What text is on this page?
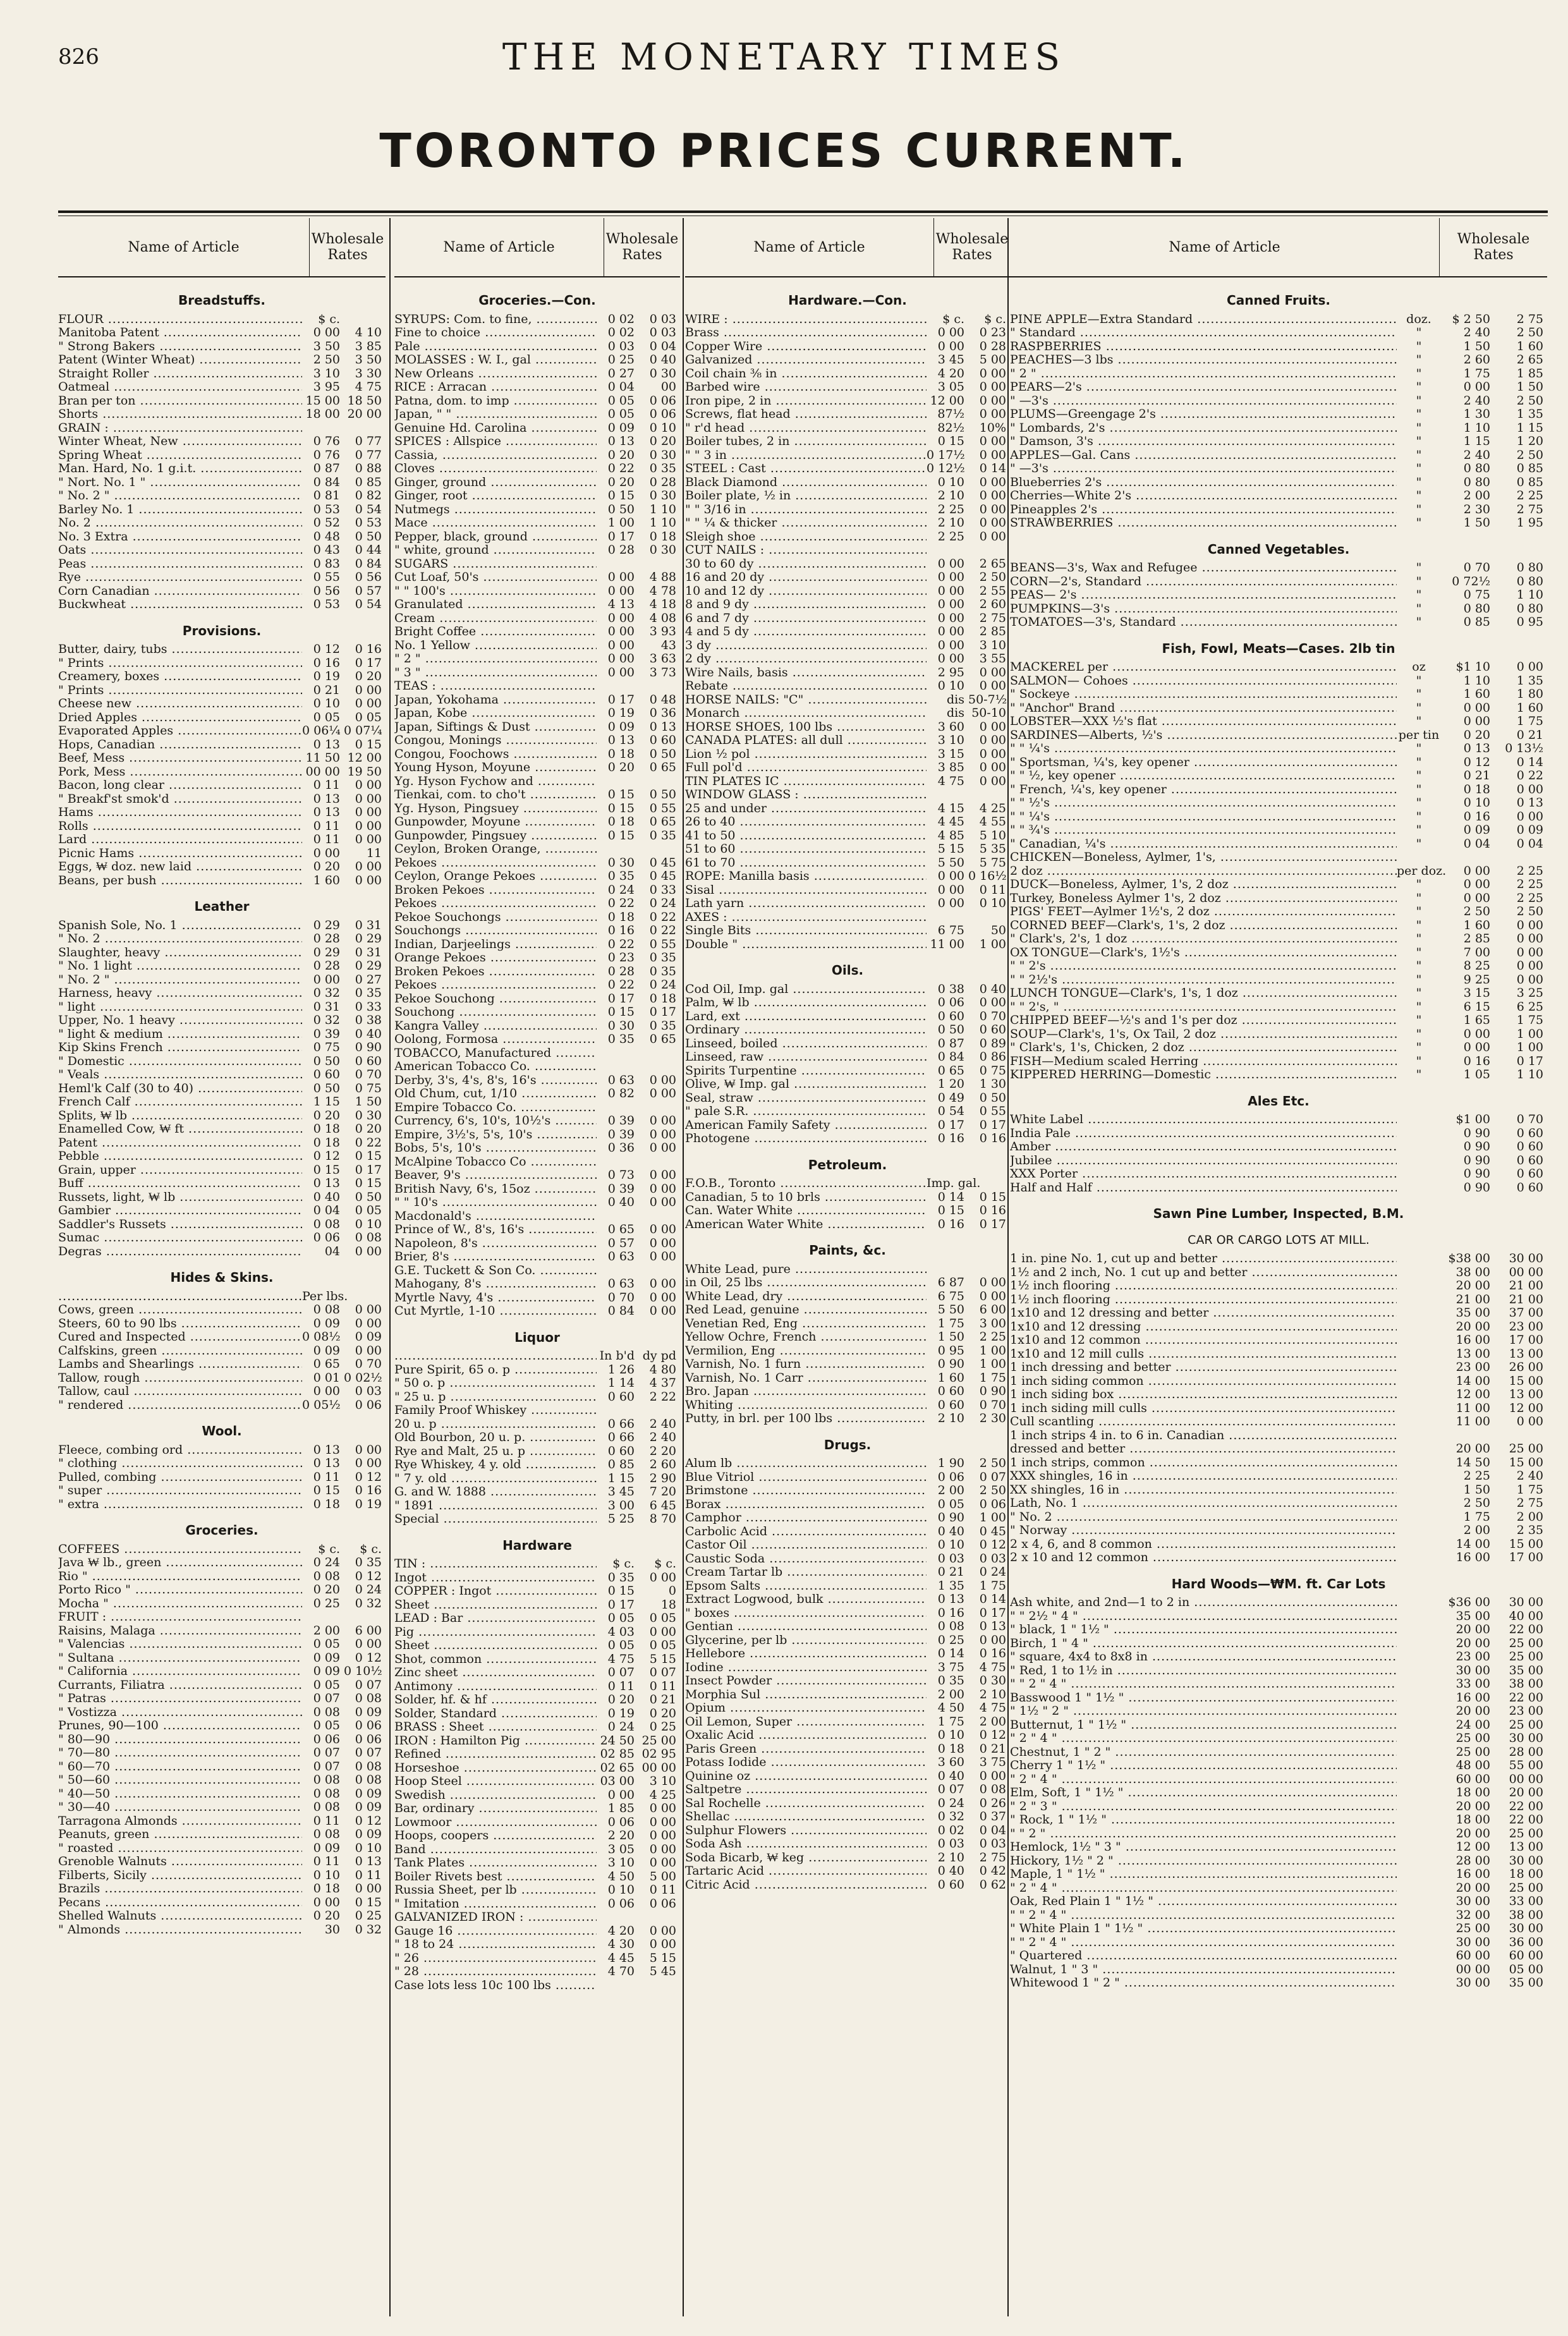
826	THE MONETARY TIMES
TORONTO PRICES CURRENT.
Name of Article
Wholesale Rates
Breadstuffs.
FLOUR .....	$ c.
Manitoba Patent .....	0 00	4 10
" Strong Bakers .....	3 50	3 85
Patent (Winter Wheat) .....	2 50	3 50
Straight Roller .....	3 10	3 30
Oatmeal .....	3 95	4 75
Bran per ton .....	15 00 18 50
Shorts .....	18 00 20 00
GRAIN : .....
Winter Wheat, New .....	0 76	0 77
Spring Wheat .....	0 76	0 77
Man. Hard, No. 1 g.i.t. .....	0 87	0 88
" Nort. No. 1 " .....	0 84	0 85
" No. 2 " .....	0 81	0 82
Barley No. 1 .....	0 53	0 54
No. 2 .....	0 52	0 53
No. 3 Extra .....	0 48	0 50
Oats .....	0 43	0 44
Peas .....	0 83	0 84
Rye .....	0 55	0 56
Corn Canadian .....	0 56	0 57
Buckwheat .....	0 53	0 54
Provisions.
Butter, dairy, tubs .....	0 12	0 16
" Prints .....	0 16	0 17
Creamery, boxes .....	0 19	0 20
" Prints .....	0 21	0 00
Cheese new .....	0 10	0 00
Dried Apples .....	0 05	0 05
Evaporated Apples .....	0 06¼ 0 07¼
Hops, Canadian .....	0 13	0 15
Beef, Mess .....	11 50 12 00
Pork, Mess .....	00 00 19 50
Bacon, long clear .....	0 11	0 00
" Breakf'st smok'd .....	0 13	0 00
Hams .....	0 13	0 00
Rolls .....	0 11	0 00
Lard .....	0 11	0 00
Picnic Hams .....	0 00	11
Eggs, ₩ doz. new laid .....	0 20	0 00
Beans, per bush .....	1 60	0 00
Leather
Spanish Sole, No. 1 .....	0 29	0 31
" No. 2 .....	0 28	0 29
Slaughter, heavy .....	0 29	0 31
" No. 1 light .....	0 28	0 29
" No. 2 " .....	0 00	0 27
Harness, heavy .....	0 32	0 35
" light .....	0 31	0 33
Upper, No. 1 heavy .....	0 32	0 38
" light & medium .....	0 39	0 40
Kip Skins French .....	0 75	0 90
" Domestic .....	0 50	0 60
" Veals .....	0 60	0 70
Heml'k Calf (30 to 40) .....	0 50	0 75
French Calf .....	1 15	1 50
Splits, ₩ lb .....	0 20	0 30
Enamelled Cow, ₩ ft .....	0 18	0 20
Patent .....	0 18	0 22
Pebble .....	0 12	0 15
Grain, upper .....	0 15	0 17
Buff .....	0 13	0 15
Russets, light, ₩ lb .....	0 40	0 50
Gambier .....	0 04	0 05
Saddler's Russets .....	0 08	0 10
Sumac .....	0 06	0 08
Degras .....	04	0 00
Hides & Skins.
.....
Per lbs.
Cows, green .....	0 08	0 00
Steers, 60 to 90 lbs .....	0 09	0 00
Cured and Inspected .....	0 08½	0 09
Calfskins, green .....	0 09	0 00
Lambs and Shearlings .....	0 65	0 70
Tallow, rough .....	0 01 0 02½
Tallow, caul .....	0 00	0 03
" rendered .....	0 05½	0 06
Wool.
Fleece, combing ord .....	0 13	0 00
" clothing .....	0 13	0 00
Pulled, combing .....	0 11	0 12
" super .....	0 15	0 16
" extra .....	0 18	0 19
Groceries.
COFFEES .....	$ c.	$ c.
Java ₩ lb., green .....	0 24	0 35
Rio " .....	0 08	0 12
Porto Rico " .....	0 20	0 24
Mocha " .....	0 25	0 32
FRUIT : .....
Raisins, Malaga .....	2 00	6 00
" Valencias .....	0 05	0 00
" Sultana .....	0 09	0 12
" California .....	0 09 0 10½
Currants, Filiatra .....	0 05	0 07
" Patras .....	0 07	0 08
" Vostizza .....	0 08	0 09
Prunes, 90—100 .....	0 05	0 06
" 80—90 .....	0 06	0 06
" 70—80 .....	0 07	0 07
" 60—70 .....	0 07	0 08
" 50—60 .....	0 08	0 08
" 40—50 .....	0 08	0 09
" 30—40 .....	0 08	0 09
Tarragona Almonds .....	0 11	0 12
Peanuts, green .....	0 08	0 09
" roasted .....	0 09	0 10
Grenoble Walnuts .....	0 11	0 13
Filberts, Sicily .....	0 10	0 11
Brazils .....	0 18	0 00
Pecans .....	0 00	0 15
Shelled Walnuts .....	0 20	0 25
" Almonds .....	30	0 32
Name of Article
Wholesale Rates
Groceries.—Con.
SYRUPS: Com. to fine, .....	0 02	0 03
Fine to choice .....	0 02	0 03
Pale .....	0 03	0 04
MOLASSES : W. I., gal .....	0 25	0 40
New Orleans .....	0 27	0 30
RICE : Arracan .....	0 04	00
Patna, dom. to imp .....	0 05	0 06
Japan, " " .....	0 05	0 06
Genuine Hd. Carolina .....	0 09	0 10
SPICES : Allspice .....	0 13	0 20
Cassia, .....	0 20	0 30
Cloves .....	0 22	0 35
Ginger, ground .....	0 20	0 28
Ginger, root .....	0 15	0 30
Nutmegs .....	0 50	1 10
Mace .....	1 00	1 10
Pepper, black, ground .....	0 17	0 18
" white, ground .....	0 28	0 30
SUGARS .....
Cut Loaf, 50's .....	0 00	4 88
" " 100's .....	0 00	4 78
Granulated .....	4 13	4 18
Cream .....	0 00	4 08
Bright Coffee .....	0 00	3 93
No. 1 Yellow .....	0 00	43
" 2 " .....	0 00	3 63
" 3 " .....	0 00	3 73
TEAS : .....
Japan, Yokohama .....	0 17	0 48
Japan, Kobe .....	0 19	0 36
Japan, Siftings & Dust .....	0 09	0 13
Congou, Monings .....	0 13	0 60
Congou, Foochows .....	0 18	0 50
Young Hyson, Moyune .....	0 20	0 65
Yg. Hyson Fychow and .....
Tienkai, com. to cho't .....	0 15	0 50
Yg. Hyson, Pingsuey .....	0 15	0 55
Gunpowder, Moyune .....	0 18	0 65
Gunpowder, Pingsuey .....	0 15	0 35
Ceylon, Broken Orange, .....
Pekoes .....	0 30	0 45
Ceylon, Orange Pekoes .....	0 35	0 45
Broken Pekoes .....	0 24	0 33
Pekoes .....	0 22	0 24
Pekoe Souchongs .....	0 18	0 22
Souchongs .....	0 16	0 22
Indian, Darjeelings .....	0 22	0 55
Orange Pekoes .....	0 23	0 35
Broken Pekoes .....	0 28	0 35
Pekoes .....	0 22	0 24
Pekoe Souchong .....	0 17	0 18
Souchong .....	0 15	0 17
Kangra Valley .....	0 30	0 35
Oolong, Formosa .....	0 35	0 65
TOBACCO, Manufactured .....
American Tobacco Co. .....
Derby, 3's, 4's, 8's, 16's .....	0 63	0 00
Old Chum, cut, 1/10 .....	0 82	0 00
Empire Tobacco Co. .....
Currency, 6's, 10's, 10½'s .....	0 39	0 00
Empire, 3½'s, 5's, 10's .....	0 39	0 00
Bobs, 5's, 10's .....	0 36	0 00
McAlpine Tobacco Co .....
Beaver, 9's .....	0 73	0 00
British Navy, 6's, 15oz .....	0 39	0 00
" " 10's .....	0 40	0 00
Macdonald's .....
Prince of W., 8's, 16's .....	0 65	0 00
Napoleon, 8's .....	0 57	0 00
Brier, 8's .....	0 63	0 00
G.E. Tuckett & Son Co. .....
Mahogany, 8's .....	0 63	0 00
Myrtle Navy, 4's .....	0 70	0 00
Cut Myrtle, 1-10 .....	0 84	0 00
Liquor
.....
In b'd dy pd
Pure Spirit, 65 o. p .....	1 26	4 80
" 50 o. p .....	1 14	4 37
" 25 u. p .....	0 60	2 22
Family Proof Whiskey .....
20 u. p .....	0 66	2 40
Old Bourbon, 20 u. p. .....	0 66	2 40
Rye and Malt, 25 u. p .....	0 60	2 20
Rye Whiskey, 4 y. old .....	0 85	2 60
" 7 y. old .....	1 15	2 90
G. and W. 1888 .....	3 45	7 20
" 1891 .....	3 00	6 45
Special .....	5 25	8 70
Hardware
TIN : .....	$ c.	$ c.
Ingot .....	0 35	0 00
COPPER : Ingot .....	0 15	0
Sheet .....	0 17	18
LEAD : Bar .....	0 05	0 05
Pig .....	4 03	0 00
Sheet .....	0 05	0 05
Shot, common .....	4 75	5 15
Zinc sheet .....	0 07	0 07
Antimony .....	0 11	0 11
Solder, hf. & hf .....	0 20	0 21
Solder, Standard .....	0 19	0 20
BRASS : Sheet .....	0 24	0 25
IRON : Hamilton Pig .....	24 50 25 00
Refined .....	02 85 02 95
Horseshoe .....	02 65 00 00
Hoop Steel .....	03 00	3 10
Swedish .....	0 00	4 25
Bar, ordinary .....	1 85	0 00
Lowmoor .....	0 06	0 00
Hoops, coopers .....	2 20	0 00
Band .....	3 05	0 00
Tank Plates .....	3 10	0 00
Boiler Rivets best .....	4 50	5 00
Russia Sheet, per lb .....	0 10	0 11
" Imitation .....	0 06	0 06
GALVANIZED IRON : .....
Gauge 16 .....	4 20	0 00
" 18 to 24 .....	4 30	0 00
" 26 .....	4 45	5 15
" 28 .....	4 70	5 45
Case lots less 10c 100 lbs .....
Name of Article
Wholesale Rates
Hardware.—Con.
WIRE : .....	$ c.	$ c.
Brass .....	0 00	0 23
Copper Wire .....	0 00	0 28
Galvanized .....	3 45	5 00
Coil chain ⅜ in .....	4 20	0 00
Barbed wire .....	3 05	0 00
Iron pipe, 2 in .....	12 00	0 00
Screws, flat head .....	87½	0 00
" r'd head .....	82½	10%
Boiler tubes, 2 in .....	0 15	0 00
" " 3 in .....	0 17½	0 00
STEEL : Cast .....	0 12½	0 14
Black Diamond .....	0 10	0 00
Boiler plate, ½ in .....	2 10	0 00
" " 3/16 in .....	2 25	0 00
" " ¼ & thicker .....	2 10	0 00
Sleigh shoe .....	2 25	0 00
CUT NAILS : .....
30 to 60 dy .....	0 00	2 65
16 and 20 dy .....	0 00	2 50
10 and 12 dy .....	0 00	2 55
8 and 9 dy .....	0 00	2 60
6 and 7 dy .....	0 00	2 75
4 and 5 dy .....	0 00	2 85
3 dy .....	0 00	3 10
2 dy .....	0 00	3 55
Wire Nails, basis .....	2 95	0 00
Rebate .....	0 10	0 00
HORSE NAILS: "C" .....	dis 50-7½
Monarch .....	dis 50-10
HORSE SHOES, 100 lbs .....	3 60	0 00
CANADA PLATES: all dull .....	3 10	0 00
Lion ½ pol .....	3 15	0 00
Full pol'd .....	3 85	0 00
TIN PLATES IC .....	4 75	0 00
WINDOW GLASS : .....
25 and under .....	4 15	4 25
26 to 40 .....	4 45	4 55
41 to 50 .....	4 85	5 10
51 to 60 .....	5 15	5 35
61 to 70 .....	5 50	5 75
ROPE: Manilla basis .....	0 00 0 16½
Sisal .....	0 00	0 11
Lath yarn .....	0 00	0 10
AXES : .....
Single Bits .....	6 75	50
Double " .....	11 00	1 00
Oils.
Cod Oil, Imp. gal .....	0 38	0 40
Palm, ₩ lb .....	0 06	0 00
Lard, ext .....	0 60	0 70
Ordinary .....	0 50	0 60
Linseed, boiled .....	0 87	0 89
Linseed, raw .....	0 84	0 86
Spirits Turpentine .....	0 65	0 75
Olive, ₩ Imp. gal .....	1 20	1 30
Seal, straw .....	0 49	0 50
" pale S.R. .....	0 54	0 55
American Family Safety .....	0 17	0 17
Photogene .....	0 16	0 16
Petroleum.
F.O.B., Toronto .....	Imp. gal.
Canadian, 5 to 10 brls .....	0 14	0 15
Can. Water White .....	0 15	0 16
American Water White .....	0 16	0 17
Paints, &c.
White Lead, pure .....
in Oil, 25 lbs .....	6 87	0 00
White Lead, dry .....	6 75	0 00
Red Lead, genuine .....	5 50	6 00
Venetian Red, Eng .....	1 75	3 00
Yellow Ochre, French .....	1 50	2 25
Vermilion, Eng .....	0 95	1 00
Varnish, No. 1 furn .....	0 90	1 00
Varnish, No. 1 Carr .....	1 60	1 75
Bro. Japan .....	0 60	0 90
Whiting .....	0 60	0 70
Putty, in brl. per 100 lbs .....	2 10	2 30
Drugs.
Alum lb .....	1 90	2 50
Blue Vitriol .....	0 06	0 07
Brimstone .....	2 00	2 50
Borax .....	0 05	0 06
Camphor .....	0 90	1 00
Carbolic Acid .....	0 40	0 45
Castor Oil .....	0 10	0 12
Caustic Soda .....	0 03	0 03
Cream Tartar lb .....	0 21	0 24
Epsom Salts .....	1 35	1 75
Extract Logwood, bulk .....	0 13	0 14
" boxes .....	0 16	0 17
Gentian .....	0 08	0 13
Glycerine, per lb .....	0 25	0 00
Hellebore .....	0 14	0 16
Iodine .....	3 75	4 75
Insect Powder .....	0 35	0 30
Morphia Sul .....	2 00	2 10
Opium .....	4 50	4 75
Oil Lemon, Super .....	1 75	2 00
Oxalic Acid .....	0 10	0 12
Paris Green .....	0 18	0 21
Potass Iodide .....	3 60	3 75
Quinine oz .....	0 40	0 00
Saltpetre .....	0 07	0 08
Sal Rochelle .....	0 24	0 26
Shellac .....	0 32	0 37
Sulphur Flowers .....	0 02	0 04
Soda Ash .....	0 03	0 03
Soda Bicarb, ₩ keg .....	2 10	2 75
Tartaric Acid .....	0 40	0 42
Citric Acid .....	0 60	0 62
Name of Article
Wholesale Rates
Canned Fruits.
PINE APPLE—Extra Standard .....	doz.	$ 2 50	2 75
" Standard .....	"	2 40	2 50
RASPBERRIES .....	"	1 50	1 60
PEACHES—3 lbs .....	"	2 60	2 65
" 2 " .....	"	1 75	1 85
PEARS—2's .....	"	0 00	1 50
" —3's .....	"	2 40	2 50
PLUMS—Greengage 2's .....	"	1 30	1 35
" Lombards, 2's .....	"	1 10	1 15
" Damson, 3's .....	"	1 15	1 20
APPLES—Gal. Cans .....	"	2 40	2 50
" —3's .....	"	0 80	0 85
Blueberries 2's .....	"	0 80	0 85
Cherries—White 2's .....	"	2 00	2 25
Pineapples 2's .....	"	2 30	2 75
STRAWBERRIES .....	"	1 50	1 95
Canned Vegetables.
BEANS—3's, Wax and Refugee .....	"	0 70	0 80
CORN—2's, Standard .....	"	0 72½	0 80
PEAS— 2's .....	"	0 75	1 10
PUMPKINS—3's .....	"	0 80	0 80
TOMATOES—3's, Standard .....	"	0 85	0 95
Fish, Fowl, Meats—Cases. 2lb tin
MACKEREL per .....	oz	$1 10	0 00
SALMON— Cohoes .....	"	1 10	1 35
" Sockeye .....	"	1 60	1 80
" "Anchor" Brand .....	"	0 00	1 60
LOBSTER—XXX ½'s flat .....	"	0 00	1 75
SARDINES—Alberts, ½'s .....	per tin	0 20	0 21
" " ¼'s .....	"	0 13	0 13½
" Sportsman, ¼'s, key opener .....	"	0 12	0 14
" " ½, key opener .....	"	0 21	0 22
" French, ¼'s, key opener .....	"	0 18	0 00
" " ½'s .....	"	0 10	0 13
" " ¼'s .....	"	0 16	0 00
" " ¾'s .....	"	0 09	0 09
" Canadian, ¼'s .....	"	0 04	0 04
CHICKEN—Boneless, Aylmer, 1's, .....
2 doz .....	per doz.	0 00	2 25
DUCK—Boneless, Aylmer, 1's, 2 doz .....	"	0 00	2 25
Turkey, Boneless Aylmer 1's, 2 doz .....	"	0 00	2 25
PIGS' FEET—Aylmer 1½'s, 2 doz .....	"	2 50	2 50
CORNED BEEF—Clark's, 1's, 2 doz .....	"	1 60	0 00
" Clark's, 2's, 1 doz .....	"	2 85	0 00
OX TONGUE—Clark's, 1½'s .....	"	7 00	0 00
" " 2's .....	"	8 25	0 00
" " 2½'s .....	"	9 25	0 00
LUNCH TONGUE—Clark's, 1's, 1 doz .....	"	3 15	3 25
" " 2's, " .....	"	6 15	6 25
CHIPPED BEEF—½'s and 1's per doz .....	"	1 65	1 75
SOUP—Clark's, 1's, Ox Tail, 2 doz .....	"	0 00	1 00
" Clark's, 1's, Chicken, 2 doz .....	"	0 00	1 00
FISH—Medium scaled Herring .....	"	0 16	0 17
KIPPERED HERRING—Domestic .....	"	1 05	1 10
Ales Etc.
White Label .....	$1 00	0 70
India Pale .....	0 90	0 60
Amber .....	0 90	0 60
Jubilee .....	0 90	0 60
XXX Porter .....	0 90	0 60
Half and Half .....	0 90	0 60
Sawn Pine Lumber, Inspected, B.M.
CAR OR CARGO LOTS AT MILL.
1 in. pine No. 1, cut up and better .....	$38 00	30 00
1½ and 2 inch, No. 1 cut up and better .....	38 00	00 00
1½ inch flooring .....	20 00	21 00
1½ inch flooring .....	21 00	21 00
1x10 and 12 dressing and better .....	35 00	37 00
1x10 and 12 dressing .....	20 00	23 00
1x10 and 12 common .....	16 00	17 00
1x10 and 12 mill culls .....	13 00	13 00
1 inch dressing and better .....	23 00	26 00
1 inch siding common .....	14 00	15 00
1 inch siding box .....	12 00	13 00
1 inch siding mill culls .....	11 00	12 00
Cull scantling .....	11 00	0 00
1 inch strips 4 in. to 6 in. Canadian .....
dressed and better .....	20 00	25 00
1 inch strips, common .....	14 50	15 00
XXX shingles, 16 in .....	2 25	2 40
XX shingles, 16 in .....	1 50	1 75
Lath, No. 1 .....	2 50	2 75
" No. 2 .....	1 75	2 00
" Norway .....	2 00	2 35
2 x 4, 6, and 8 common .....	14 00	15 00
2 x 10 and 12 common .....	16 00	17 00
Hard Woods—₩M. ft. Car Lots
Ash white, and 2nd—1 to 2 in .....	$36 00	30 00
" " 2½ " 4 " .....	35 00	40 00
" black, 1 " 1½ " .....	20 00	22 00
Birch, 1 " 4 " .....	20 00	25 00
" square, 4x4 to 8x8 in .....	23 00	25 00
" Red, 1 to 1½ in .....	30 00	35 00
" " 2 " 4 " .....	33 00	38 00
Basswood 1 " 1½ " .....	16 00	22 00
" 1½ " 2 " .....	20 00	23 00
Butternut, 1 " 1½ " .....	24 00	25 00
" 2 " 4 " .....	25 00	30 00
Chestnut, 1 " 2 " .....	25 00	28 00
Cherry 1 " 1½ " .....	48 00	55 00
" 2 " 4 " .....	60 00	00 00
Elm, Soft, 1 " 1½ " .....	18 00	20 00
" 2 " 3 " .....	20 00	22 00
" Rock, 1 " 1½ " .....	18 00	22 00
" " 2 " .....	20 00	25 00
Hemlock, 1½ " 3 " .....	12 00	13 00
Hickory, 1½ " 2 " .....	28 00	30 00
Maple, 1 " 1½ " .....	16 00	18 00
" 2 " 4 " .....	20 00	25 00
Oak, Red Plain 1 " 1½ " .....	30 00	33 00
" " 2 " 4 " .....	32 00	38 00
" White Plain 1 " 1½ " .....	25 00	30 00
" " 2 " 4 " .....	30 00	36 00
" Quartered .....	60 00	60 00
Walnut, 1 " 3 " .....	00 00	05 00
Whitewood 1 " 2 " .....	30 00	35 00
